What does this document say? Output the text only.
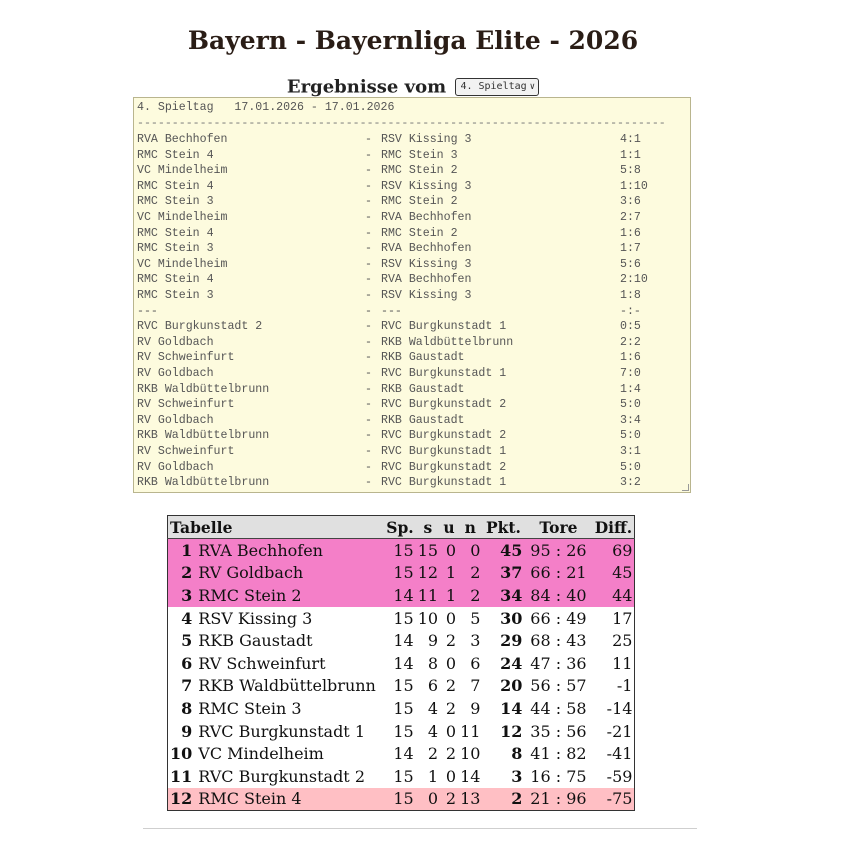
Bayern - Bayernliga Elite - 2026
Ergebnisse vom 4. Spieltag ∨

4. Spieltag   17.01.2026 - 17.01.2026

----------------------------------------------------------------------------

RVA Bechhofen	- RSV Kissing 3	4:1
RMC Stein 4	- RMC Stein 3	1:1
VC Mindelheim	- RMC Stein 2	5:8
RMC Stein 4	- RSV Kissing 3	1:10
RMC Stein 3	- RMC Stein 2	3:6
VC Mindelheim	- RVA Bechhofen	2:7
RMC Stein 4	- RMC Stein 2	1:6
RMC Stein 3	- RVA Bechhofen	1:7
VC Mindelheim	- RSV Kissing 3	5:6
RMC Stein 4	- RVA Bechhofen	2:10
RMC Stein 3	- RSV Kissing 3	1:8
---	- ---	-:-
RVC Burgkunstadt 2	- RVC Burgkunstadt 1	0:5
RV Goldbach	- RKB Waldbüttelbrunn	2:2
RV Schweinfurt	- RKB Gaustadt	1:6
RV Goldbach	- RVC Burgkunstadt 1	7:0
RKB Waldbüttelbrunn	- RKB Gaustadt	1:4
RV Schweinfurt	- RVC Burgkunstadt 2	5:0
RV Goldbach	- RKB Gaustadt	3:4
RKB Waldbüttelbrunn	- RVC Burgkunstadt 2	5:0
RV Schweinfurt	- RVC Burgkunstadt 1	3:1
RV Goldbach	- RVC Burgkunstadt 2	5:0
RKB Waldbüttelbrunn	- RVC Burgkunstadt 1	3:2
Tabelle		Sp.	s	u	n	Pkt.	Tore	Diff.
1	RVA Bechhofen	15	15	0	0	45	95 : 26	69
2	RV Goldbach	15	12	1	2	37	66 : 21	45
3	RMC Stein 2	14	11	1	2	34	84 : 40	44
4	RSV Kissing 3	15	10	0	5	30	66 : 49	17
5	RKB Gaustadt	14	9	2	3	29	68 : 43	25
6	RV Schweinfurt	14	8	0	6	24	47 : 36	11
7	RKB Waldbüttelbrunn	15	6	2	7	20	56 : 57	-1
8	RMC Stein 3	15	4	2	9	14	44 : 58	-14
9	RVC Burgkunstadt 1	15	4	0	11	12	35 : 56	-21
10	VC Mindelheim	14	2	2	10	8	41 : 82	-41
11	RVC Burgkunstadt 2	15	1	0	14	3	16 : 75	-59
12	RMC Stein 4	15	0	2	13	2	21 : 96	-75
